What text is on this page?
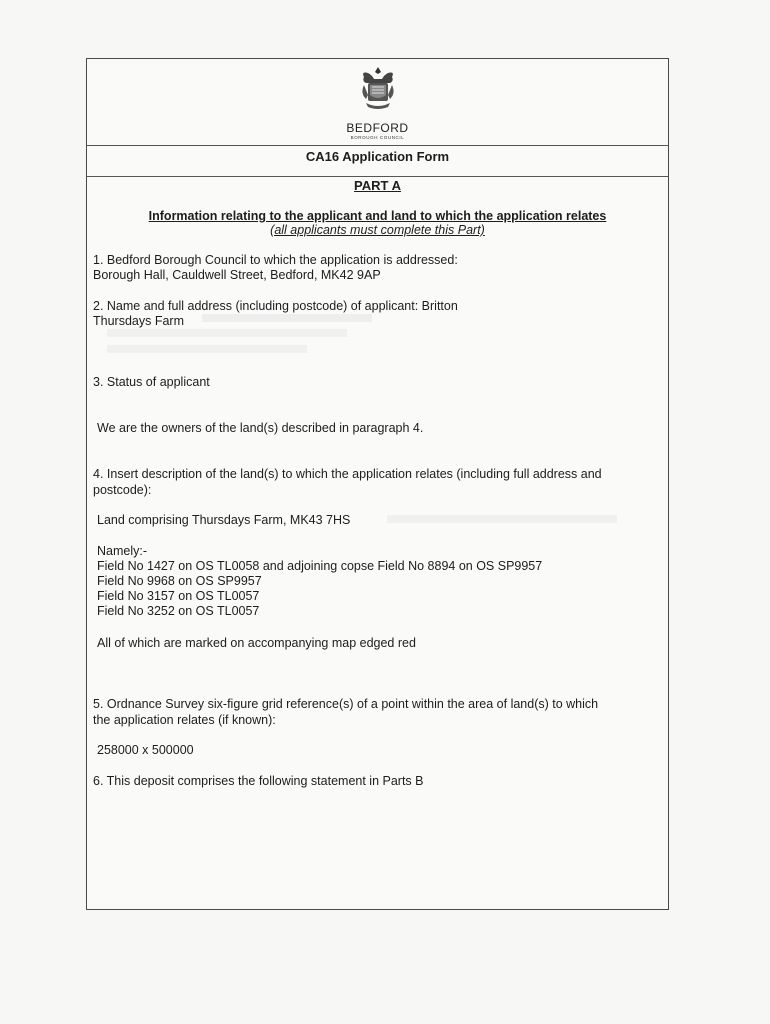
BEDFORD
BOROUGH COUNCIL
CA16 Application Form
PART A
Information relating to the applicant and land to which the application relates
(all applicants must complete this Part)
1. Bedford Borough Council to which the application is addressed:
Borough Hall, Cauldwell Street, Bedford, MK42 9AP
2. Name and full address (including postcode) of applicant: Britton
Thursdays Farm
3. Status of applicant
We are the owners of the land(s) described in paragraph 4.
4. Insert description of the land(s) to which the application relates (including full address and
postcode):
Land comprising Thursdays Farm, MK43 7HS
Namely:-
Field No 1427 on OS TL0058 and adjoining copse Field No 8894 on OS SP9957
Field No 9968 on OS SP9957
Field No 3157 on OS TL0057
Field No 3252 on OS TL0057
All of which are marked on accompanying map edged red
5. Ordnance Survey six-figure grid reference(s) of a point within the area of land(s) to which
the application relates (if known):
258000 x 500000
6. This deposit comprises the following statement in Parts B
